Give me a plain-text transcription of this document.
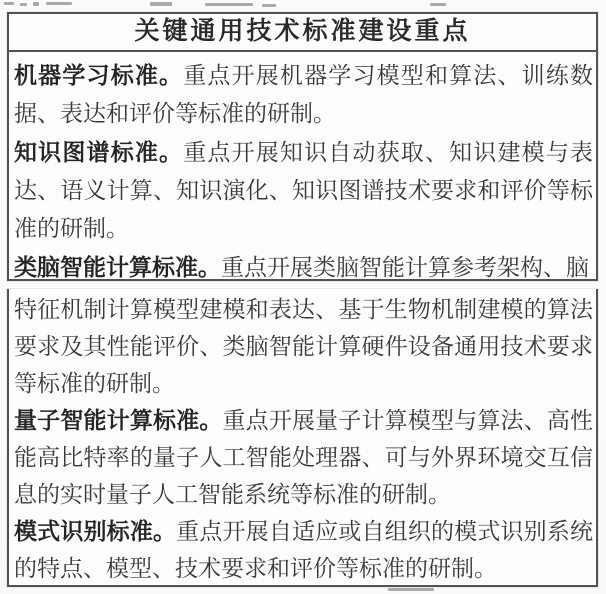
关键通用技术标准建设重点

机器学习标准。重点开展机器学习模型和算法、训练数据、表达和评价等标准的研制。

知识图谱标准。重点开展知识自动获取、知识建模与表达、语义计算、知识演化、知识图谱技术要求和评价等标准的研制。

类脑智能计算标准。重点开展类脑智能计算参考架构、脑

特征机制计算模型建模和表达、基于生物机制建模的算法要求及其性能评价、类脑智能计算硬件设备通用技术要求等标准的研制。

量子智能计算标准。重点开展量子计算模型与算法、高性能高比特率的量子人工智能处理器、可与外界环境交互信息的实时量子人工智能系统等标准的研制。

模式识别标准。重点开展自适应或自组织的模式识别系统的特点、模型、技术要求和评价等标准的研制。
